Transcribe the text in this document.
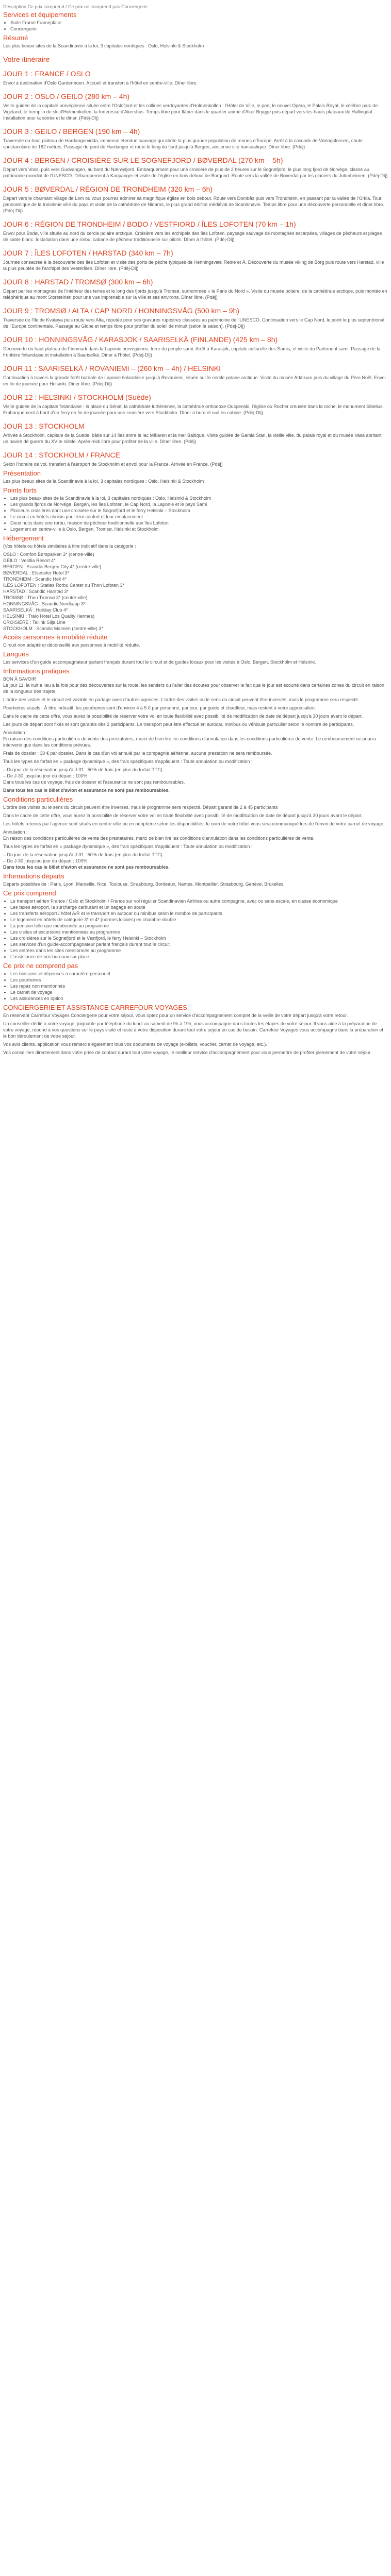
Description Ce prix comprend / Ce prix ne comprend pas Conciergerie
Services et équipements
• Suite Frame Frameplace
• Conciergerie
Résumé
Les plus beaux sites de la Scandinavie à la loi, 3 capitales nordiques : Oslo, Helsinki & Stockholm
Votre itinéraire
JOUR 1 : FRANCE / OSLO
Envol à destination d'Oslo Gardermoen. Accueil et transfert à l'hôtel en centre-ville. Dîner libre.
JOUR 2 : OSLO / GEILO (280 km – 4h)
Visite guidée de la capitale norvégienne située entre l'Oslofjord et les collines verdoyantes d'Holmenkollen : l'Hôtel de Ville, le port, le nouvel Opéra, le Palais Royal, le célèbre parc de Vigeland, le tremplin de ski d'Holmenkollen, la forteresse d'Akershus. Temps libre pour flâner dans le quartier animé d'Aker Brygge puis départ vers les hauts plateaux de Hallingdal. Installation pour la soirée et le dîner. (Pdéj-Dîj)
JOUR 3 : GEILO / BERGEN (190 km – 4h)
Traversée du haut plateau de Hardangervidda, immense étendue sauvage qui abrite la plus grande population de rennes d'Europe. Arrêt à la cascade de Vøringsfossen, chute spectaculaire de 182 mètres. Passage du pont de Hardanger et route le long du fjord jusqu'à Bergen, ancienne cité hanséatique. Dîner libre. (Pdéj)
JOUR 4 : BERGEN / CROISIÈRE SUR LE SOGNEFJORD / BØVERDAL (270 km – 5h)
Départ vers Voss, puis vers Gudvangen, au bord du Nærøyfjord. Embarquement pour une croisière de plus de 2 heures sur le Sognefjord, le plus long fjord de Norvège, classé au patrimoine mondial de l'UNESCO. Débarquement à Kaupanger et visite de l'église en bois debout de Borgund. Route vers la vallée de Bøverdal par les glaciers du Jotunheimen. (Pdéj-Dîj)
JOUR 5 : BØVERDAL / RÉGION DE TRONDHEIM (320 km – 6h)
Départ vers le charmant village de Lom où vous pourrez admirer sa magnifique église en bois debout. Route vers Dombås puis vers Trondheim, en passant par la vallée de l'Orkla. Tour panoramique de la troisième ville du pays et visite de la cathédrale de Nidaros, le plus grand édifice médiéval de Scandinavie. Temps libre pour une découverte personnelle et dîner libre. (Pdéj-Dîj)
JOUR 6 : RÉGION DE TRONDHEIM / BODO / VESTFIORD / ÎLES LOFOTEN (70 km – 1h)
Envol pour Bodø, ville située au nord du cercle polaire arctique. Croisière vers les archipels des îles Lofoten, paysage sauvage de montagnes escarpées, villages de pêcheurs et plages de sable blanc. Installation dans une rorbu, cabane de pêcheur traditionnelle sur pilotis. Dîner à l'hôtel. (Pdéj-Dîj)
JOUR 7 : ÎLES LOFOTEN / HARSTAD (340 km – 7h)
Journée consacrée à la découverte des îles Lofoten et visite des ports de pêche typiques de Henningsvær, Reine et Å. Découverte du musée viking de Borg puis route vers Harstad, ville la plus peuplée de l'archipel des Vesterålen. Dîner libre. (Pdéj-Dîj)
JOUR 8 : HARSTAD / TROMSØ (300 km – 6h)
Départ par les montagnes de l'intérieur des terres et le long des fjords jusqu'à Tromsø, surnommée « le Paris du Nord ». Visite du musée polaire, de la cathédrale arctique, puis montée en téléphérique au mont Storsteinen pour une vue imprenable sur la ville et ses environs. Dîner libre. (Pdéj)
JOUR 9 : TROMSØ / ALTA / CAP NORD / HONNINGSVÅG (500 km – 9h)
Traversée de l'île de Kvaløya puis route vers Alta, réputée pour ses gravures rupestres classées au patrimoine de l'UNESCO. Continuation vers le Cap Nord, le point le plus septentrional de l'Europe continentale. Passage au Globe et temps libre pour profiter du soleil de minuit (selon la saison). (Pdéj-Dîj)
JOUR 10 : HONNINGSVÅG / KARASJOK / SAARISELKÄ (FINLANDE) (425 km – 8h)
Découverte du haut plateau du Finnmark dans la Laponie norvégienne, terre du peuple sami. Arrêt à Karasjok, capitale culturelle des Samis, et visite du Parlement sami. Passage de la frontière finlandaise et installation à Saariselkä. Dîner à l'hôtel. (Pdéj-Dîj)
JOUR 11 : SAARISELKÄ / ROVANIEMI – (260 km – 4h) / HELSINKI
Continuation à travers la grande forêt boréale de Laponie finlandaise jusqu'à Rovaniemi, située sur le cercle polaire arctique. Visite du musée Arktikum puis du village du Père Noël. Envol en fin de journée pour Helsinki. Dîner libre. (Pdéj-Dîj)
JOUR 12 : HELSINKI / STOCKHOLM (Suède)
Visite guidée de la capitale finlandaise : la place du Sénat, la cathédrale luthérienne, la cathédrale orthodoxe Ouspenski, l'église du Rocher creusée dans la roche, le monument Sibelius. Embarquement à bord d'un ferry en fin de journée pour une croisière vers Stockholm. Dîner à bord et nuit en cabine. (Pdéj-Dîj)
JOUR 13 : STOCKHOLM
Arrivée à Stockholm, capitale de la Suède, bâtie sur 14 îles entre le lac Mälaren et la mer Baltique. Visite guidée de Gamla Stan, la vieille ville, du palais royal et du musée Vasa abritant un navire de guerre du XVIIe siècle. Après-midi libre pour profiter de la ville. Dîner libre. (Pdéj)
JOUR 14 : STOCKHOLM / FRANCE
Selon l'horaire de vol, transfert à l'aéroport de Stockholm et envol pour la France. Arrivée en France. (Pdéj)
Présentation
Les plus beaux sites de la Scandinavie à la loi, 3 capitales nordiques : Oslo, Helsinki & Stockholm
Points forts
• Les plus beaux sites de la Scandinavie à la loi, 3 capitales nordiques : Oslo, Helsinki & Stockholm
• Les grands fjords de Norvège, Bergen, les îles Lofoten, le Cap Nord, la Laponie et le pays Sami
• Plusieurs croisières dont une croisière sur le Sognefjord et le ferry Helsinki – Stockholm
• Le circuit en hôtels choisis pour leur confort et leur emplacement
• Deux nuits dans une rorbu, maison de pêcheur traditionnelle aux îles Lofoten
• Logement en centre-ville à Oslo, Bergen, Tromsø, Helsinki et Stockholm
Hébergement
(Vos hôtels ou hôtels similaires à titre indicatif dans la catégorie :
OSLO : Comfort Børsparken 3* (centre-ville)
GEILO : Vestlia Resort 4*
BERGEN : Scandic Bergen City 4* (centre-ville)
BØVERDAL : Elveseter Hotel 3*
TRONDHEIM : Scandic Hell 4*
ÎLES LOFOTEN : Statles Rorbu Center ou Thon Lofoten 3*
HARSTAD : Scandic Harstad 3*
TROMSØ : Thon Tromsø 3* (centre-ville)
HONNINGSVÅG : Scandic Nordkapp 3*
SAARISELKÄ : Holiday Club 4*
HELSINKI : Traïo Hotel Los Quality Hermes)
CROISIÈRE : Tallink Silja Line
STOCKHOLM : Scandic Malmen (centre-ville) 3*
Accès personnes à mobilité réduite
Circuit non adapté et déconseillé aux personnes à mobilité réduite.
Langues
Les services d'un guide accompagnateur parlant français durant tout le circuit et de guides locaux pour les visites à Oslo, Bergen, Stockholm et Helsinki.
Informations pratiques
BON À SAVOIR
Le jour 11, la nuit a lieu à la fois pour des découvertes sur la route, les sentiers ou l'aller des écoutes pour observer le fait que le jour est écourté dans certaines zones du circuit en raison de la longueur des trajets.
L'ordre des visites et le circuit est valable en partage avec d'autres agences. L'ordre des visites ou le sens du circuit peuvent être inversés, mais le programme sera respecté.
Pourboires usuels : À titre indicatif, les pourboires sont d'environ 4 à 5 € par personne, par jour, par guide et chauffeur, mais restent à votre appréciation.
Dans le cadre de cette offre, vous aurez la possibilité de réserver votre vol en toute flexibilité avec possibilité de modification de date de départ jusqu'à 30 jours avant le départ.
Les jours de départ sont fixés et sont garantis dès 2 participants. Le transport peut être effectué en autocar, minibus ou véhicule particulier selon le nombre de participants.
Annulation :
En raison des conditions particulières de vente des prestataires, merci de bien lire les conditions d'annulation dans les conditions particulières de vente. Le remboursement ne pourra intervenir que dans les conditions prévues.
Frais de dossier : 30 € par dossier. Dans le cas d'un vol annulé par la compagnie aérienne, aucune prestation ne sera remboursée.
Tous les types de forfait en « package dynamique », des frais spécifiques s'appliquent : Toute annulation ou modification :
– Du jour de la réservation jusqu'à J-31 : 50% de frais (en plus du forfait TTC)
– De J-30 jusqu'au jour du départ : 100%
Dans tous les cas de voyage, frais de dossier et l'assurance ne sont pas remboursables.
Dans tous les cas le billet d'avion et assurance ne sont pas remboursables.
Conditions particulières
L'ordre des visites ou le sens du circuit peuvent être inversés, mais le programme sera respecté. Départ garanti de 2 à 45 participants
Dans le cadre de cette offre, vous aurez la possibilité de réserver votre vol en toute flexibilité avec possibilité de modification de date de départ jusqu'à 30 jours avant le départ.
Les hôtels retenus par l'agence sont situés en centre-ville ou en périphérie selon les disponibilités, le nom de votre hôtel vous sera communiqué lors de l'envoi de votre carnet de voyage.
Annulation :
En raison des conditions particulières de vente des prestataires, merci de bien lire les conditions d'annulation dans les conditions particulières de vente.
Tous les types de forfait en « package dynamique », des frais spécifiques s'appliquent : Toute annulation ou modification :
– Du jour de la réservation jusqu'à J-31 : 50% de frais (en plus du forfait TTC)
– De J-30 jusqu'au jour du départ : 100%
Dans tous les cas le billet d'avion et assurance ne sont pas remboursables.
Informations départs
Départs possibles de : Paris, Lyon, Marseille, Nice, Toulouse, Strasbourg, Bordeaux, Nantes, Montpellier, Strasbourg, Genève, Bruxelles.
Ce prix comprend
• Le transport aérien France / Oslo et Stockholm / France sur vol régulier Scandinavian Airlines ou autre compagnie, avec ou sans escale, en classe économique
• Les taxes aéroport, la surcharge carburant et un bagage en soute
• Les transferts aéroport / hôtel A/R et le transport en autocar ou minibus selon le nombre de participants
• Le logement en hôtels de catégorie 3* et 4* (normes locales) en chambre double
• La pension telle que mentionnée au programme
• Les visites et excursions mentionnées au programme
• Les croisières sur le Sognefjord et le Vestfjord, le ferry Helsinki – Stockholm
• Les services d'un guide-accompagnateur parlant français durant tout le circuit
• Les entrées dans les sites mentionnés au programme
• L'assistance de nos bureaux sur place
Ce prix ne comprend pas
• Les boissons et dépenses à caractère personnel
• Les pourboires
• Les repas non mentionnés
• Le carnet de voyage
• Les assurances en option
CONCIERGERIE ET ASSISTANCE CARREFOUR VOYAGES
En réservant Carrefour Voyages Conciergerie pour votre séjour, vous optez pour un service d'accompagnement complet de la veille de votre départ jusqu'à votre retour.
Un conseiller dédié à votre voyage, joignable par téléphone du lundi au samedi de 9h à 19h, vous accompagne dans toutes les étapes de votre séjour. Il vous aide à la préparation de votre voyage, répond à vos questions sur le pays visité et reste à votre disposition durant tout votre séjour en cas de besoin. Carrefour Voyages vous accompagne dans la préparation et le bon déroulement de votre séjour.
Vos avis clients, application vous remercie également tous vos documents de voyage (e-billets, voucher, carnet de voyage, etc.).
Vos conseillers directement dans votre prise de contact durant tout votre voyage, le meilleur service d'accompagnement pour vous permettre de profiter pleinement de votre séjour.
